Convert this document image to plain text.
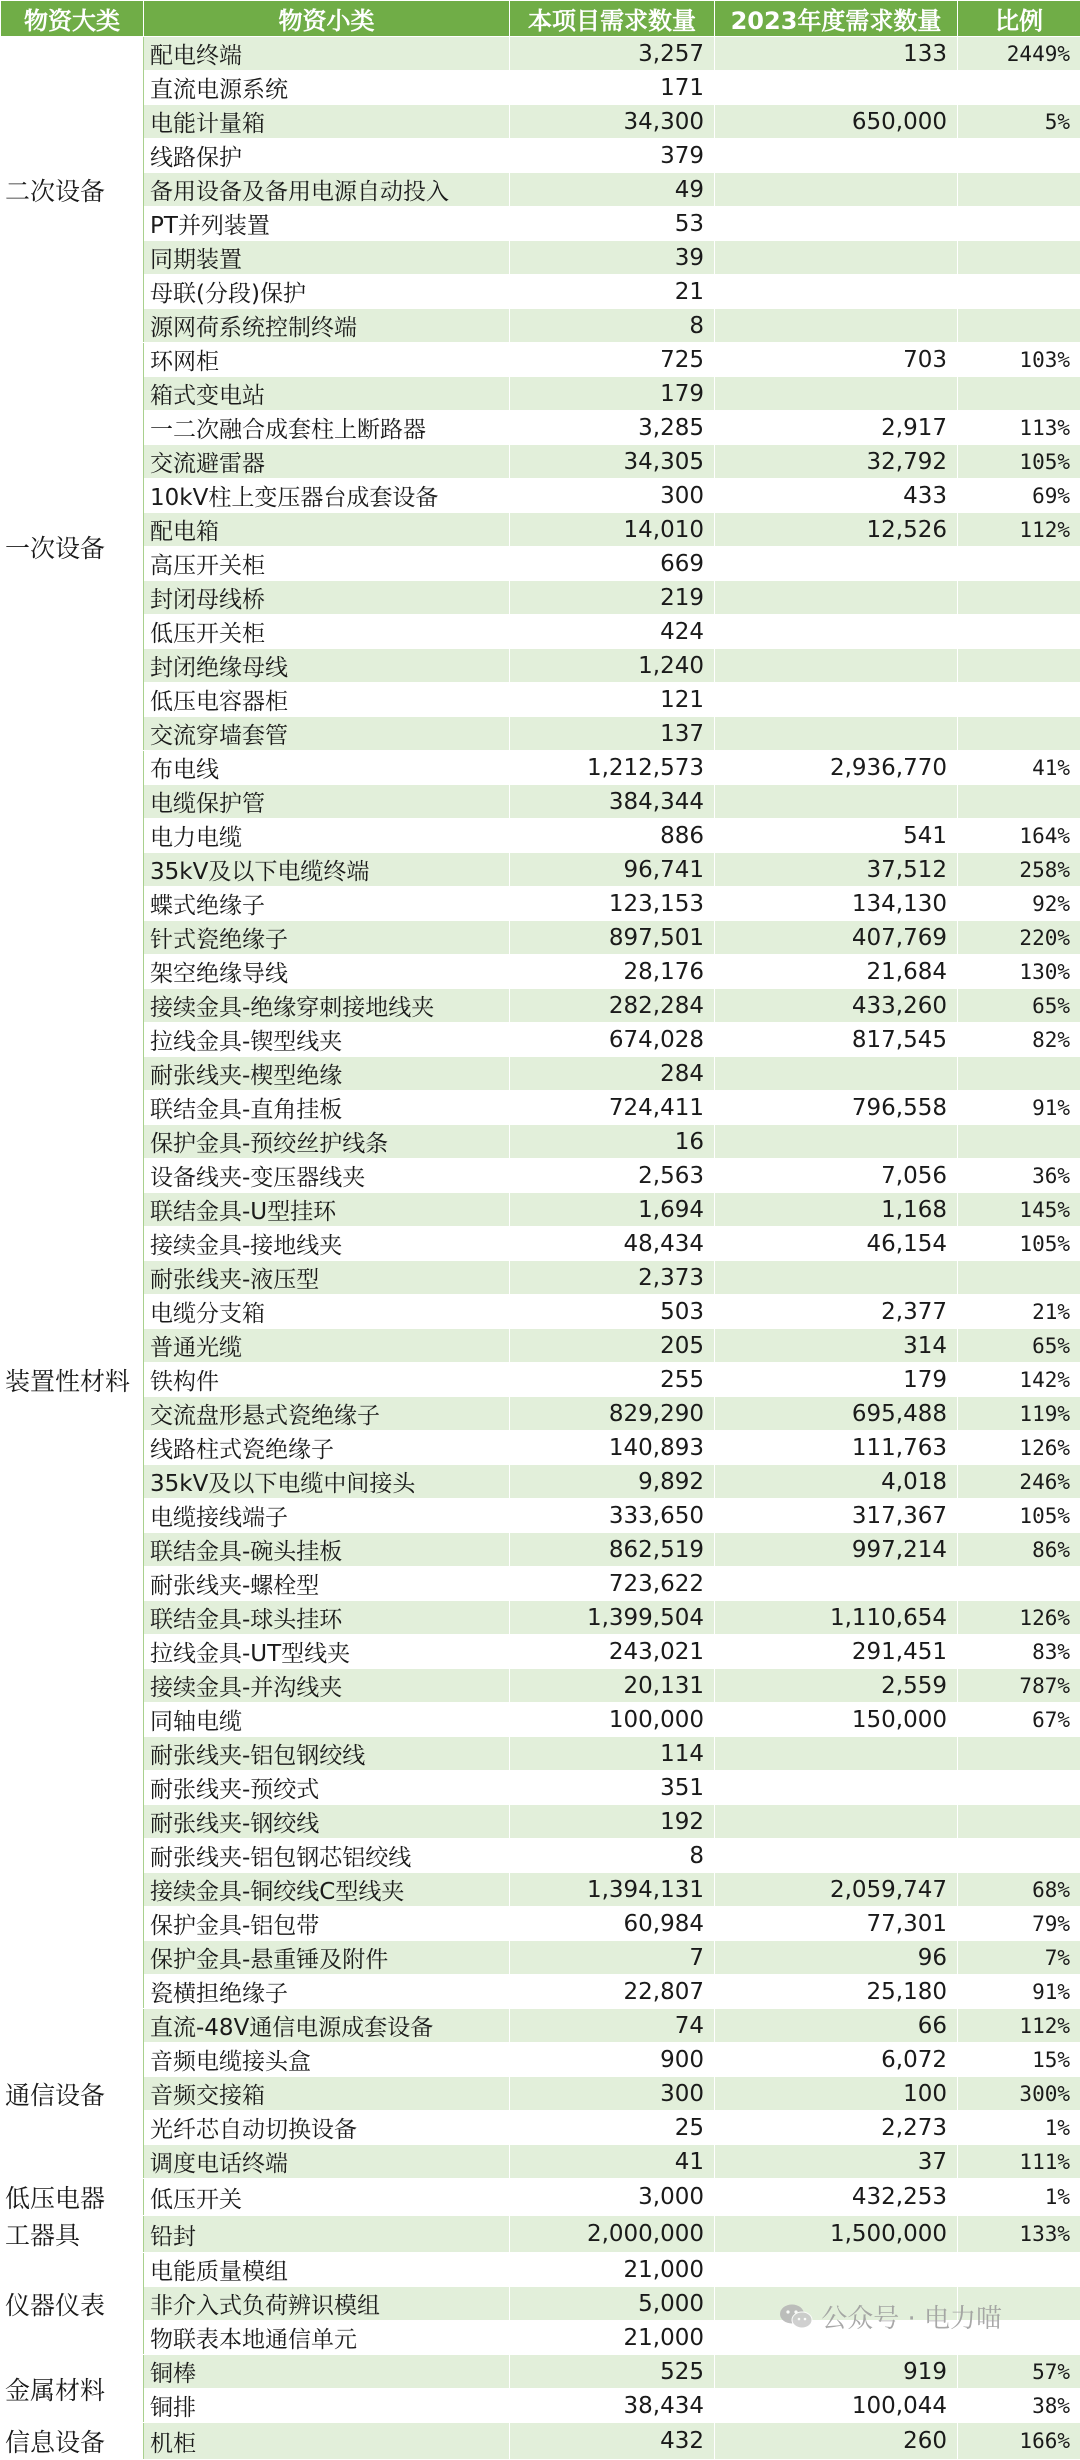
物资大类	物资小类	本项目需求数量	2023年度需求数量	比例
二次设备	配电终端	3,257	133	2449%
	直流电源系统	171		
	电能计量箱	34,300	650,000	5%
	线路保护	379		
	备用设备及备用电源自动投入	49		
	PT并列装置	53		
	同期装置	39		
	母联(分段)保护	21		
	源网荷系统控制终端	8		
一次设备	环网柜	725	703	103%
	箱式变电站	179		
	一二次融合成套柱上断路器	3,285	2,917	113%
	交流避雷器	34,305	32,792	105%
	10kV柱上变压器台成套设备	300	433	69%
	配电箱	14,010	12,526	112%
	高压开关柜	669		
	封闭母线桥	219		
	低压开关柜	424		
	封闭绝缘母线	1,240		
	低压电容器柜	121		
	交流穿墙套管	137		
装置性材料	布电线	1,212,573	2,936,770	41%
	电缆保护管	384,344		
	电力电缆	886	541	164%
	35kV及以下电缆终端	96,741	37,512	258%
	蝶式绝缘子	123,153	134,130	92%
	针式瓷绝缘子	897,501	407,769	220%
	架空绝缘导线	28,176	21,684	130%
	接续金具-绝缘穿刺接地线夹	282,284	433,260	65%
	拉线金具-锲型线夹	674,028	817,545	82%
	耐张线夹-楔型绝缘	284		
	联结金具-直角挂板	724,411	796,558	91%
	保护金具-预绞丝护线条	16		
	设备线夹-变压器线夹	2,563	7,056	36%
	联结金具-U型挂环	1,694	1,168	145%
	接续金具-接地线夹	48,434	46,154	105%
	耐张线夹-液压型	2,373		
	电缆分支箱	503	2,377	21%
	普通光缆	205	314	65%
	铁构件	255	179	142%
	交流盘形悬式瓷绝缘子	829,290	695,488	119%
	线路柱式瓷绝缘子	140,893	111,763	126%
	35kV及以下电缆中间接头	9,892	4,018	246%
	电缆接线端子	333,650	317,367	105%
	联结金具-碗头挂板	862,519	997,214	86%
	耐张线夹-螺栓型	723,622		
	联结金具-球头挂环	1,399,504	1,110,654	126%
	拉线金具-UT型线夹	243,021	291,451	83%
	接续金具-并沟线夹	20,131	2,559	787%
	同轴电缆	100,000	150,000	67%
	耐张线夹-铝包钢绞线	114		
	耐张线夹-预绞式	351		
	耐张线夹-钢绞线	192		
	耐张线夹-铝包钢芯铝绞线	8		
	接续金具-铜绞线C型线夹	1,394,131	2,059,747	68%
	保护金具-铝包带	60,984	77,301	79%
	保护金具-悬重锤及附件	7	96	7%
	瓷横担绝缘子	22,807	25,180	91%
通信设备	直流-48V通信电源成套设备	74	66	112%
	音频电缆接头盒	900	6,072	15%
	音频交接箱	300	100	300%
	光纤芯自动切换设备	25	2,273	1%
	调度电话终端	41	37	111%
低压电器	低压开关	3,000	432,253	1%
工器具	铅封	2,000,000	1,500,000	133%
仪器仪表	电能质量模组	21,000		
	非介入式负荷辨识模组	5,000		
	物联表本地通信单元	21,000		
金属材料	铜棒	525	919	57%
	铜排	38,434	100,044	38%
信息设备	机柜	432	260	166%
公众号 · 电力喵
